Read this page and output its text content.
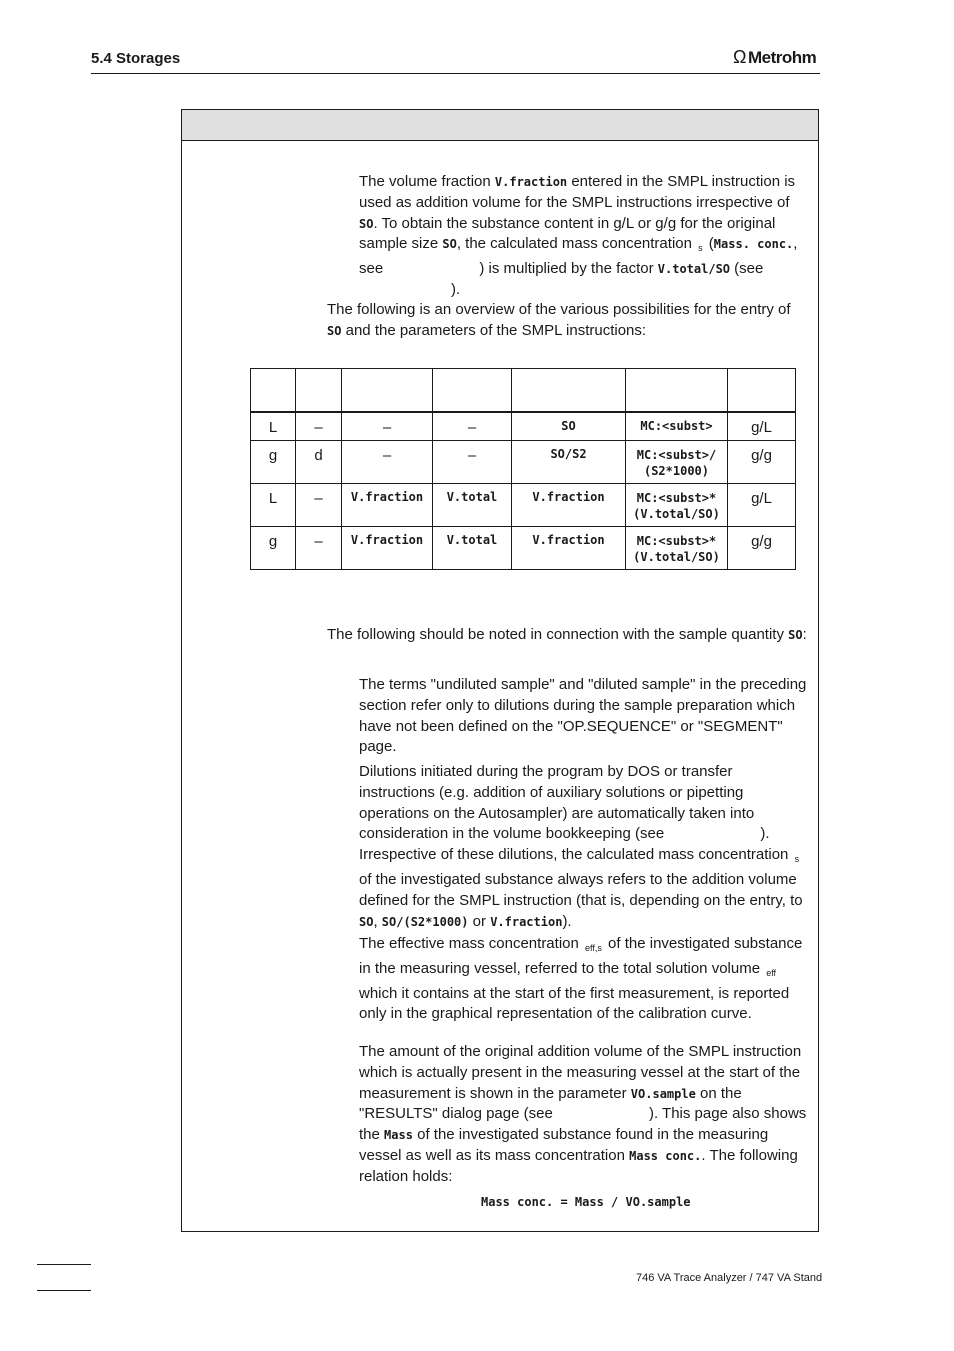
5.4 Storages	Ω Metrohm
The volume fraction V.fraction entered in the SMPL instruction is used as addition volume for the SMPL instructions irrespective of SO. To obtain the substance content in g/L or g/g for the original sample size SO, the calculated mass concentration $_s$ (Mass. conc., see	) is multiplied by the factor V.total/SO (see ).
The following is an overview of the various possibilities for the entry of SO and the parameters of the SMPL instructions:

L	–	–	–	SO	MC:<subst>	g/L
g	d	–	–	SO/S2	MC:<subst>/ (S2*1000)	g/g
L	–	V.fraction	V.total	V.fraction	MC:<subst>* (V.total/SO)	g/L
g	–	V.fraction	V.total	V.fraction	MC:<subst>* (V.total/SO)	g/g
The following should be noted in connection with the sample quantity SO:
The terms "undiluted sample" and "diluted sample" in the preceding section refer only to dilutions during the sample preparation which have not been defined on the "OP.SEQUENCE" or "SEGMENT" page.
Dilutions initiated during the program by DOS or transfer instructions (e.g. addition of auxiliary solutions or pipetting operations on the Autosampler) are automatically taken into consideration in the volume bookkeeping (see	). Irrespective of these dilutions, the calculated mass concentration $_s$ of the investigated substance always refers to the addition volume defined for the SMPL instruction (that is, depending on the entry, to SO, SO/(S2*1000) or V.fraction).
The effective mass concentration $_{eff,s}$ of the investigated substance in the measuring vessel, referred to the total solution volume $_{eff}$ which it contains at the start of the first measurement, is reported only in the graphical representation of the calibration curve.
The amount of the original addition volume of the SMPL instruction which is actually present in the measuring vessel at the start of the measurement is shown in the parameter VO.sample on the "RESULTS" dialog page (see	). This page also shows the Mass of the investigated substance found in the measuring vessel as well as its mass concentration Mass conc.. The following relation holds:
Mass conc. = Mass / VO.sample
746 VA Trace Analyzer / 747 VA Stand
